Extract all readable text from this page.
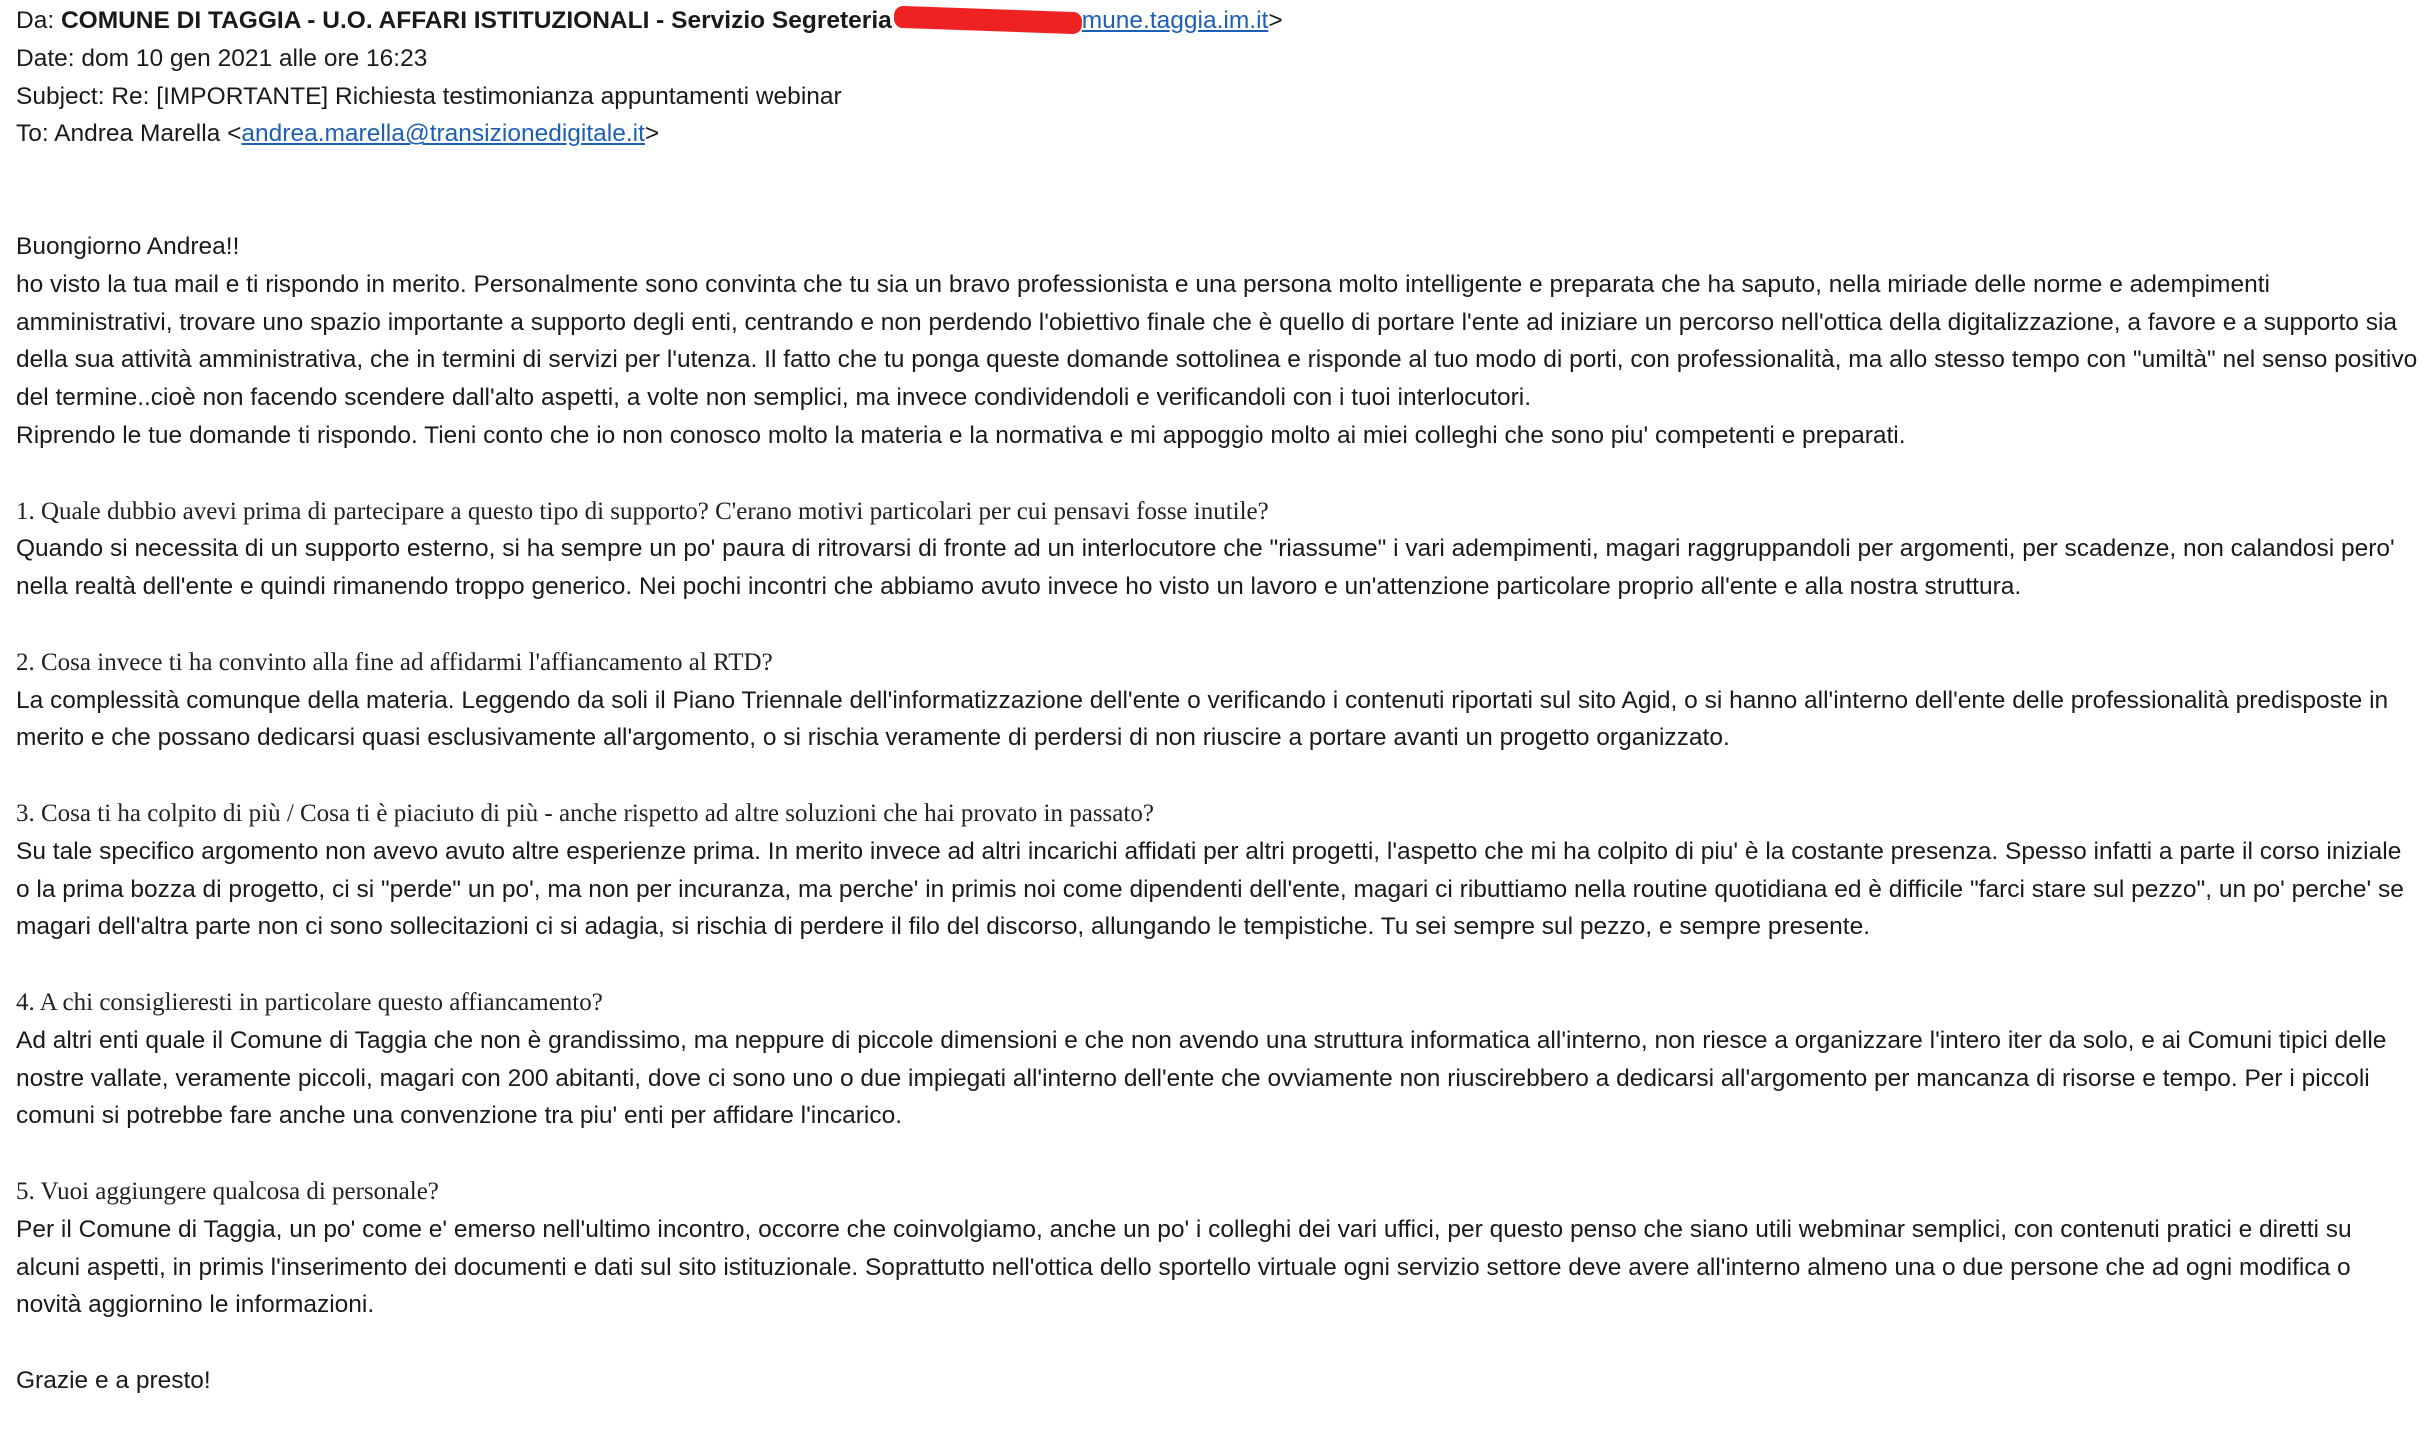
Da: COMUNE DI TAGGIA - U.O. AFFARI ISTITUZIONALI - Servizio Segreteria	mune.taggia.im.it>
Date: dom 10 gen 2021 alle ore 16:23
Subject: Re: [IMPORTANTE] Richiesta testimonianza appuntamenti webinar
To: Andrea Marella <andrea.marella@transizionedigitale.it>

Buongiorno Andrea!!

ho visto la tua mail e ti rispondo in merito. Personalmente sono convinta che tu sia un bravo professionista e una persona molto intelligente e preparata che ha saputo, nella miriade delle norme e adempimenti amministrativi, trovare uno spazio importante a supporto degli enti, centrando e non perdendo l'obiettivo finale che è quello di portare l'ente ad iniziare un percorso nell'ottica della digitalizzazione, a favore e a supporto sia della sua attività amministrativa, che in termini di servizi per l'utenza. Il fatto che tu ponga queste domande sottolinea e risponde al tuo modo di porti, con professionalità, ma allo stesso tempo con "umiltà" nel senso positivo del termine..cioè non facendo scendere dall'alto aspetti, a volte non semplici, ma invece condividendoli e verificandoli con i tuoi interlocutori.

Riprendo le tue domande ti rispondo. Tieni conto che io non conosco molto la materia e la normativa e mi appoggio molto ai miei colleghi che sono piu' competenti e preparati.

1. Quale dubbio avevi prima di partecipare a questo tipo di supporto? C'erano motivi particolari per cui pensavi fosse inutile?

Quando si necessita di un supporto esterno, si ha sempre un po' paura di ritrovarsi di fronte ad un interlocutore che "riassume" i vari adempimenti, magari raggruppandoli per argomenti, per scadenze, non calandosi pero' nella realtà dell'ente e quindi rimanendo troppo generico. Nei pochi incontri che abbiamo avuto invece ho visto un lavoro e un'attenzione particolare proprio all'ente e alla nostra struttura.

2. Cosa invece ti ha convinto alla fine ad affidarmi l'affiancamento al RTD?

La complessità comunque della materia. Leggendo da soli il Piano Triennale dell'informatizzazione dell'ente o verificando i contenuti riportati sul sito Agid, o si hanno all'interno dell'ente delle professionalità predisposte in merito e che possano dedicarsi quasi esclusivamente all'argomento, o si rischia veramente di perdersi di non riuscire a portare avanti un progetto organizzato.

3. Cosa ti ha colpito di più / Cosa ti è piaciuto di più - anche rispetto ad altre soluzioni che hai provato in passato?

Su tale specifico argomento non avevo avuto altre esperienze prima. In merito invece ad altri incarichi affidati per altri progetti, l'aspetto che mi ha colpito di piu' è la costante presenza. Spesso infatti a parte il corso iniziale o la prima bozza di progetto, ci si "perde" un po', ma non per incuranza, ma perche' in primis noi come dipendenti dell'ente, magari ci ributtiamo nella routine quotidiana ed è difficile "farci stare sul pezzo", un po' perche' se magari dell'altra parte non ci sono sollecitazioni ci si adagia, si rischia di perdere il filo del discorso, allungando le tempistiche. Tu sei sempre sul pezzo, e sempre presente.

4. A chi consiglieresti in particolare questo affiancamento?

Ad altri enti quale il Comune di Taggia che non è grandissimo, ma neppure di piccole dimensioni e che non avendo una struttura informatica all'interno, non riesce a organizzare l'intero iter da solo, e ai Comuni tipici delle nostre vallate, veramente piccoli, magari con 200 abitanti, dove ci sono uno o due impiegati all'interno dell'ente che ovviamente non riuscirebbero a dedicarsi all'argomento per mancanza di risorse e tempo. Per i piccoli comuni si potrebbe fare anche una convenzione tra piu' enti per affidare l'incarico.

5. Vuoi aggiungere qualcosa di personale?

Per il Comune di Taggia, un po' come e' emerso nell'ultimo incontro, occorre che coinvolgiamo, anche un po' i colleghi dei vari uffici, per questo penso che siano utili webminar semplici, con contenuti pratici e diretti su alcuni aspetti, in primis l'inserimento dei documenti e dati sul sito istituzionale. Soprattutto nell'ottica dello sportello virtuale ogni servizio settore deve avere all'interno almeno una o due persone che ad ogni modifica o novità aggiornino le informazioni.

Grazie e a presto!
